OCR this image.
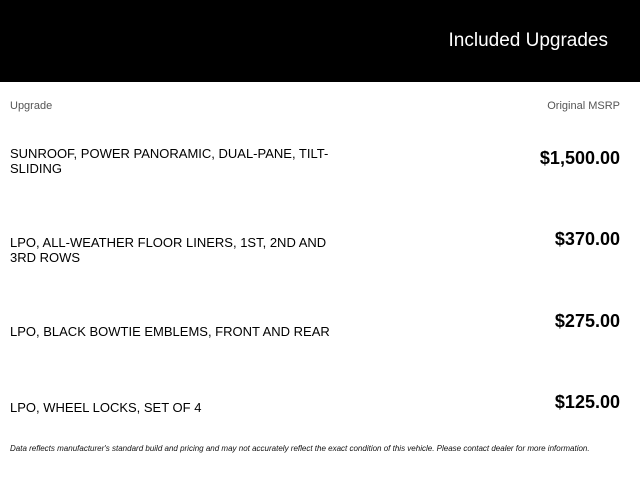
Included Upgrades
Upgrade	Original MSRP
SUNROOF, POWER PANORAMIC, DUAL-PANE, TILT-SLIDING
$1,500.00
LPO, ALL-WEATHER FLOOR LINERS, 1ST, 2ND AND 3RD ROWS
$370.00
LPO, BLACK BOWTIE EMBLEMS, FRONT AND REAR
$275.00
LPO, WHEEL LOCKS, SET OF 4	$125.00
Data reflects manufacturer's standard build and pricing and may not accurately reflect the exact condition of this vehicle. Please contact dealer for more information.
